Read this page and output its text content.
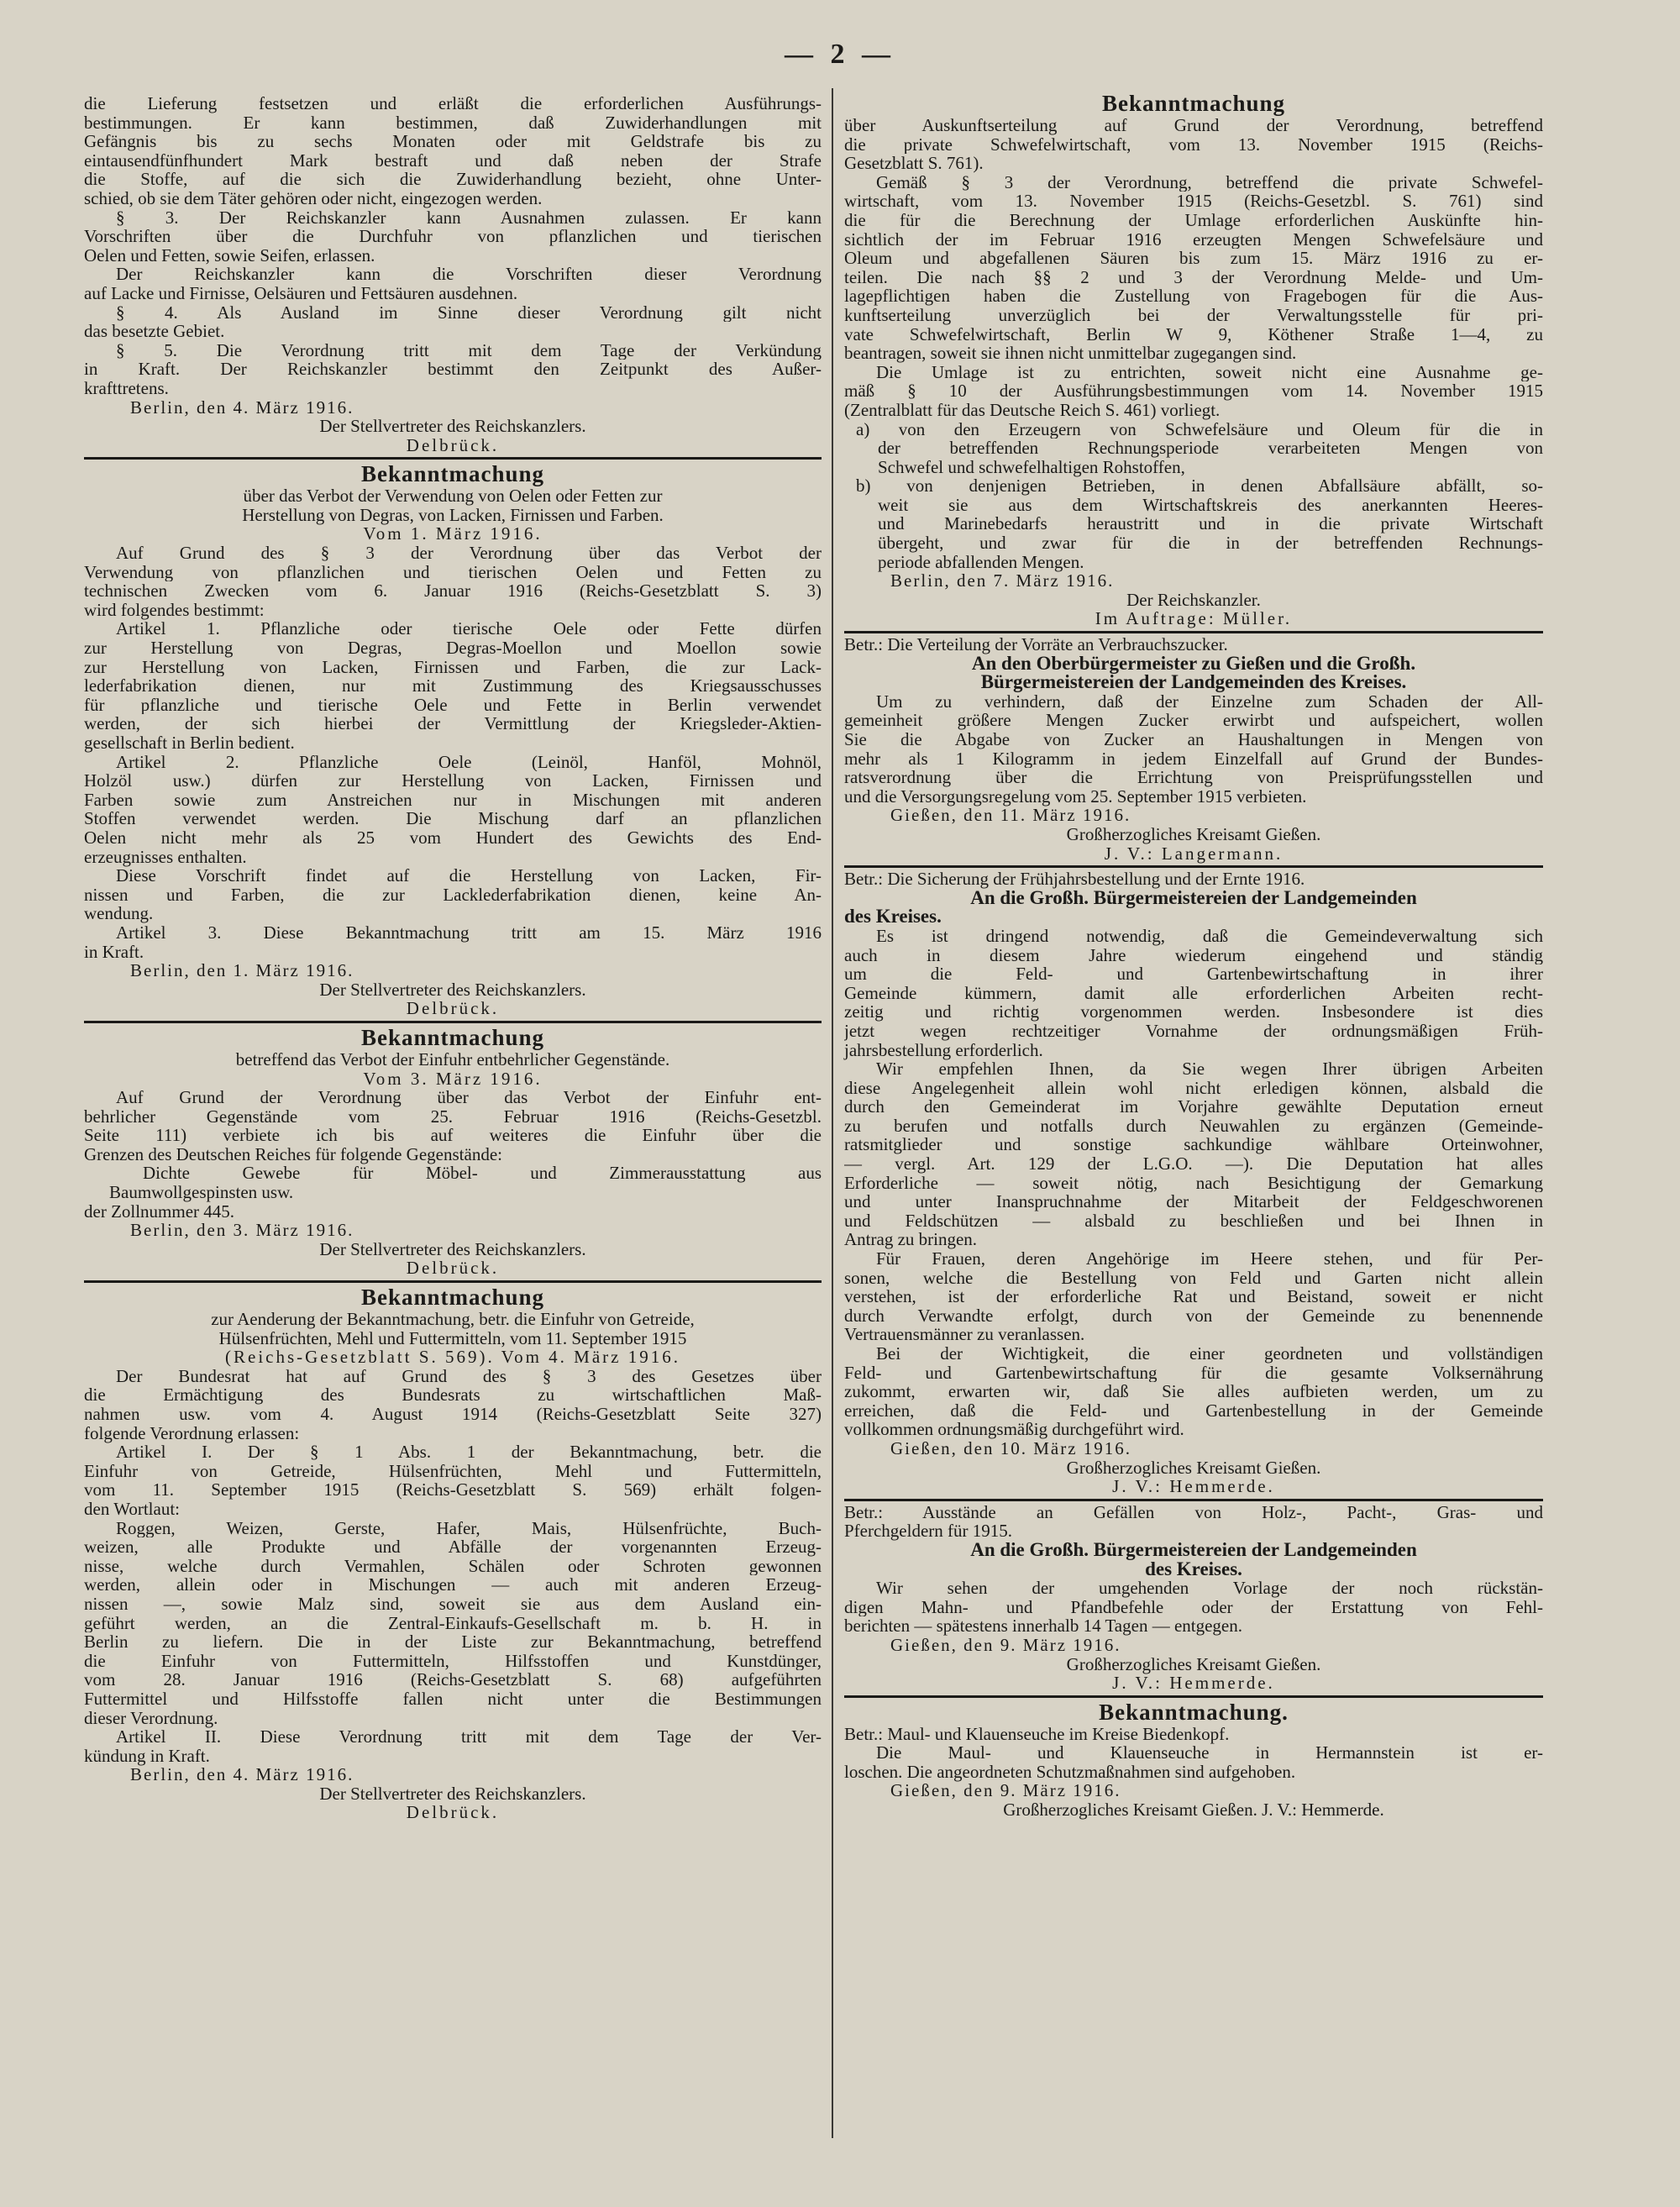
— 2 —
die Lieferung festsetzen und erläßt die erforderlichen Ausführungs-
bestimmungen. Er kann bestimmen, daß Zuwiderhandlungen mit
Gefängnis bis zu sechs Monaten oder mit Geldstrafe bis zu
eintausendfünfhundert Mark bestraft und daß neben der Strafe
die Stoffe, auf die sich die Zuwiderhandlung bezieht, ohne Unter-
schied, ob sie dem Täter gehören oder nicht, eingezogen werden.
§ 3. Der Reichskanzler kann Ausnahmen zulassen. Er kann
Vorschriften über die Durchfuhr von pflanzlichen und tierischen
Oelen und Fetten, sowie Seifen, erlassen.
Der Reichskanzler kann die Vorschriften dieser Verordnung
auf Lacke und Firnisse, Oelsäuren und Fettsäuren ausdehnen.
§ 4. Als Ausland im Sinne dieser Verordnung gilt nicht
das besetzte Gebiet.
§ 5. Die Verordnung tritt mit dem Tage der Verkündung
in Kraft. Der Reichskanzler bestimmt den Zeitpunkt des Außer-
krafttretens.
Berlin, den 4. März 1916.
Der Stellvertreter des Reichskanzlers.
Delbrück.
Bekanntmachung
über das Verbot der Verwendung von Oelen oder Fetten zur
Herstellung von Degras, von Lacken, Firnissen und Farben.
Vom 1. März 1916.
Auf Grund des § 3 der Verordnung über das Verbot der
Verwendung von pflanzlichen und tierischen Oelen und Fetten zu
technischen Zwecken vom 6. Januar 1916 (Reichs-Gesetzblatt S. 3)
wird folgendes bestimmt:
Artikel 1. Pflanzliche oder tierische Oele oder Fette dürfen
zur Herstellung von Degras, Degras-Moellon und Moellon sowie
zur Herstellung von Lacken, Firnissen und Farben, die zur Lack-
lederfabrikation dienen, nur mit Zustimmung des Kriegsausschusses
für pflanzliche und tierische Oele und Fette in Berlin verwendet
werden, der sich hierbei der Vermittlung der Kriegsleder-Aktien-
gesellschaft in Berlin bedient.
Artikel 2. Pflanzliche Oele (Leinöl, Hanföl, Mohnöl,
Holzöl usw.) dürfen zur Herstellung von Lacken, Firnissen und
Farben sowie zum Anstreichen nur in Mischungen mit anderen
Stoffen verwendet werden. Die Mischung darf an pflanzlichen
Oelen nicht mehr als 25 vom Hundert des Gewichts des End-
erzeugnisses enthalten.
Diese Vorschrift findet auf die Herstellung von Lacken, Fir-
nissen und Farben, die zur Lacklederfabrikation dienen, keine An-
wendung.
Artikel 3. Diese Bekanntmachung tritt am 15. März 1916
in Kraft.
Berlin, den 1. März 1916.
Der Stellvertreter des Reichskanzlers.
Delbrück.
Bekanntmachung
betreffend das Verbot der Einfuhr entbehrlicher Gegenstände.
Vom 3. März 1916.
Auf Grund der Verordnung über das Verbot der Einfuhr ent-
behrlicher Gegenstände vom 25. Februar 1916 (Reichs-Gesetzbl.
Seite 111) verbiete ich bis auf weiteres die Einfuhr über die
Grenzen des Deutschen Reiches für folgende Gegenstände:
Dichte Gewebe für Möbel- und Zimmerausstattung aus
Baumwollgespinsten usw.
der Zollnummer 445.
Berlin, den 3. März 1916.
Der Stellvertreter des Reichskanzlers.
Delbrück.
Bekanntmachung
zur Aenderung der Bekanntmachung, betr. die Einfuhr von Getreide,
Hülsenfrüchten, Mehl und Futtermitteln, vom 11. September 1915
(Reichs-Gesetzblatt S. 569). Vom 4. März 1916.
Der Bundesrat hat auf Grund des § 3 des Gesetzes über
die Ermächtigung des Bundesrats zu wirtschaftlichen Maß-
nahmen usw. vom 4. August 1914 (Reichs-Gesetzblatt Seite 327)
folgende Verordnung erlassen:
Artikel I. Der § 1 Abs. 1 der Bekanntmachung, betr. die
Einfuhr von Getreide, Hülsenfrüchten, Mehl und Futtermitteln,
vom 11. September 1915 (Reichs-Gesetzblatt S. 569) erhält folgen-
den Wortlaut:
Roggen, Weizen, Gerste, Hafer, Mais, Hülsenfrüchte, Buch-
weizen, alle Produkte und Abfälle der vorgenannten Erzeug-
nisse, welche durch Vermahlen, Schälen oder Schroten gewonnen
werden, allein oder in Mischungen — auch mit anderen Erzeug-
nissen —, sowie Malz sind, soweit sie aus dem Ausland ein-
geführt werden, an die Zentral-Einkaufs-Gesellschaft m. b. H. in
Berlin zu liefern. Die in der Liste zur Bekanntmachung, betreffend
die Einfuhr von Futtermitteln, Hilfsstoffen und Kunstdünger,
vom 28. Januar 1916 (Reichs-Gesetzblatt S. 68) aufgeführten
Futtermittel und Hilfsstoffe fallen nicht unter die Bestimmungen
dieser Verordnung.
Artikel II. Diese Verordnung tritt mit dem Tage der Ver-
kündung in Kraft.
Berlin, den 4. März 1916.
Der Stellvertreter des Reichskanzlers.
Delbrück.
Bekanntmachung
über Auskunftserteilung auf Grund der Verordnung, betreffend
die private Schwefelwirtschaft, vom 13. November 1915 (Reichs-
Gesetzblatt S. 761).
Gemäß § 3 der Verordnung, betreffend die private Schwefel-
wirtschaft, vom 13. November 1915 (Reichs-Gesetzbl. S. 761) sind
die für die Berechnung der Umlage erforderlichen Auskünfte hin-
sichtlich der im Februar 1916 erzeugten Mengen Schwefelsäure und
Oleum und abgefallenen Säuren bis zum 15. März 1916 zu er-
teilen. Die nach §§ 2 und 3 der Verordnung Melde- und Um-
lagepflichtigen haben die Zustellung von Fragebogen für die Aus-
kunftserteilung unverzüglich bei der Verwaltungsstelle für pri-
vate Schwefelwirtschaft, Berlin W 9, Köthener Straße 1—4, zu
beantragen, soweit sie ihnen nicht unmittelbar zugegangen sind.
Die Umlage ist zu entrichten, soweit nicht eine Ausnahme ge-
mäß § 10 der Ausführungsbestimmungen vom 14. November 1915
(Zentralblatt für das Deutsche Reich S. 461) vorliegt.
a) von den Erzeugern von Schwefelsäure und Oleum für die in
der betreffenden Rechnungsperiode verarbeiteten Mengen von
Schwefel und schwefelhaltigen Rohstoffen,
b) von denjenigen Betrieben, in denen Abfallsäure abfällt, so-
weit sie aus dem Wirtschaftskreis des anerkannten Heeres-
und Marinebedarfs heraustritt und in die private Wirtschaft
übergeht, und zwar für die in der betreffenden Rechnungs-
periode abfallenden Mengen.
Berlin, den 7. März 1916.
Der Reichskanzler.
Im Auftrage: Müller.
Betr.: Die Verteilung der Vorräte an Verbrauchszucker.
An den Oberbürgermeister zu Gießen und die Großh.
Bürgermeistereien der Landgemeinden des Kreises.
Um zu verhindern, daß der Einzelne zum Schaden der All-
gemeinheit größere Mengen Zucker erwirbt und aufspeichert, wollen
Sie die Abgabe von Zucker an Haushaltungen in Mengen von
mehr als 1 Kilogramm in jedem Einzelfall auf Grund der Bundes-
ratsverordnung über die Errichtung von Preisprüfungsstellen und
und die Versorgungsregelung vom 25. September 1915 verbieten.
Gießen, den 11. März 1916.
Großherzogliches Kreisamt Gießen.
J. V.: Langermann.
Betr.: Die Sicherung der Frühjahrsbestellung und der Ernte 1916.
An die Großh. Bürgermeistereien der Landgemeinden
des Kreises.
Es ist dringend notwendig, daß die Gemeindeverwaltung sich
auch in diesem Jahre wiederum eingehend und ständig
um die Feld- und Gartenbewirtschaftung in ihrer
Gemeinde kümmern, damit alle erforderlichen Arbeiten recht-
zeitig und richtig vorgenommen werden. Insbesondere ist dies
jetzt wegen rechtzeitiger Vornahme der ordnungsmäßigen Früh-
jahrsbestellung erforderlich.
Wir empfehlen Ihnen, da Sie wegen Ihrer übrigen Arbeiten
diese Angelegenheit allein wohl nicht erledigen können, alsbald die
durch den Gemeinderat im Vorjahre gewählte Deputation erneut
zu berufen und notfalls durch Neuwahlen zu ergänzen (Gemeinde-
ratsmitglieder und sonstige sachkundige wählbare Orteinwohner,
— vergl. Art. 129 der L.G.O. —). Die Deputation hat alles
Erforderliche — soweit nötig, nach Besichtigung der Gemarkung
und unter Inanspruchnahme der Mitarbeit der Feldgeschworenen
und Feldschützen — alsbald zu beschließen und bei Ihnen in
Antrag zu bringen.
Für Frauen, deren Angehörige im Heere stehen, und für Per-
sonen, welche die Bestellung von Feld und Garten nicht allein
verstehen, ist der erforderliche Rat und Beistand, soweit er nicht
durch Verwandte erfolgt, durch von der Gemeinde zu benennende
Vertrauensmänner zu veranlassen.
Bei der Wichtigkeit, die einer geordneten und vollständigen
Feld- und Gartenbewirtschaftung für die gesamte Volksernährung
zukommt, erwarten wir, daß Sie alles aufbieten werden, um zu
erreichen, daß die Feld- und Gartenbestellung in der Gemeinde
vollkommen ordnungsmäßig durchgeführt wird.
Gießen, den 10. März 1916.
Großherzogliches Kreisamt Gießen.
J. V.: Hemmerde.
Betr.: Ausstände an Gefällen von Holz-, Pacht-, Gras- und
Pferchgeldern für 1915.
An die Großh. Bürgermeistereien der Landgemeinden
des Kreises.
Wir sehen der umgehenden Vorlage der noch rückstän-
digen Mahn- und Pfandbefehle oder der Erstattung von Fehl-
berichten — spätestens innerhalb 14 Tagen — entgegen.
Gießen, den 9. März 1916.
Großherzogliches Kreisamt Gießen.
J. V.: Hemmerde.
Bekanntmachung.
Betr.: Maul- und Klauenseuche im Kreise Biedenkopf.
Die Maul- und Klauenseuche in Hermannstein ist er-
loschen. Die angeordneten Schutzmaßnahmen sind aufgehoben.
Gießen, den 9. März 1916.
Großherzogliches Kreisamt Gießen. J. V.: Hemmerde.
